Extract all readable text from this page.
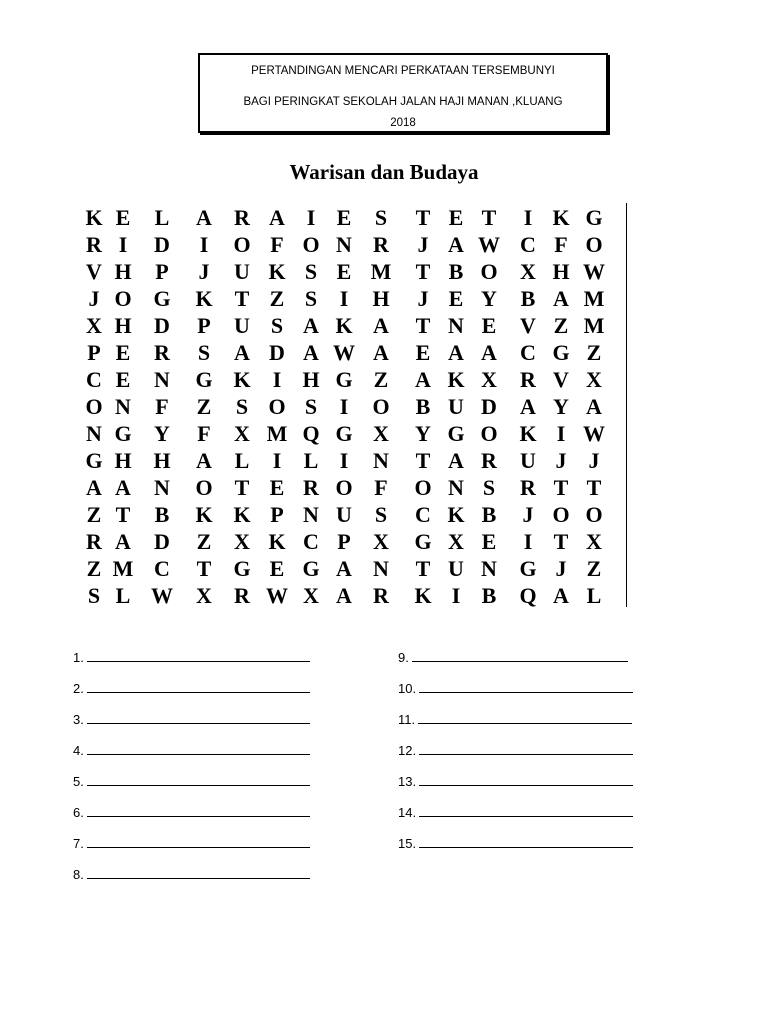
PERTANDINGAN MENCARI PERKATAAN TERSEMBUNYI
BAGI PERINGKAT SEKOLAH JALAN HAJI MANAN ,KLUANG
2018
Warisan dan Budaya
K E L A R A I E S T E T I K G
R I D I O F O N R J A W C F O
V H P J U K S E M T B O X H W
J O G K T Z S I H J E Y B A M
X H D P U S A K A T N E V Z M
P E R S A D A W A E A A C G Z
C E N G K I H G Z A K X R V X
O N F Z S O S I O B U D A Y A
N G Y F X M Q G X Y G O K I W
G H H A L I L I N T A R U J J
A A N O T E R O F O N S R T T
Z T B K K P N U S C K B J O O
R A D Z X K C P X G X E I T X
Z M C T G E G A N T U N G J Z
S L W X R W X A R K I B Q A L
1.
2.
3.
4.
5.
6.
7.
8.
9.
10.
11.
12.
13.
14.
15.
